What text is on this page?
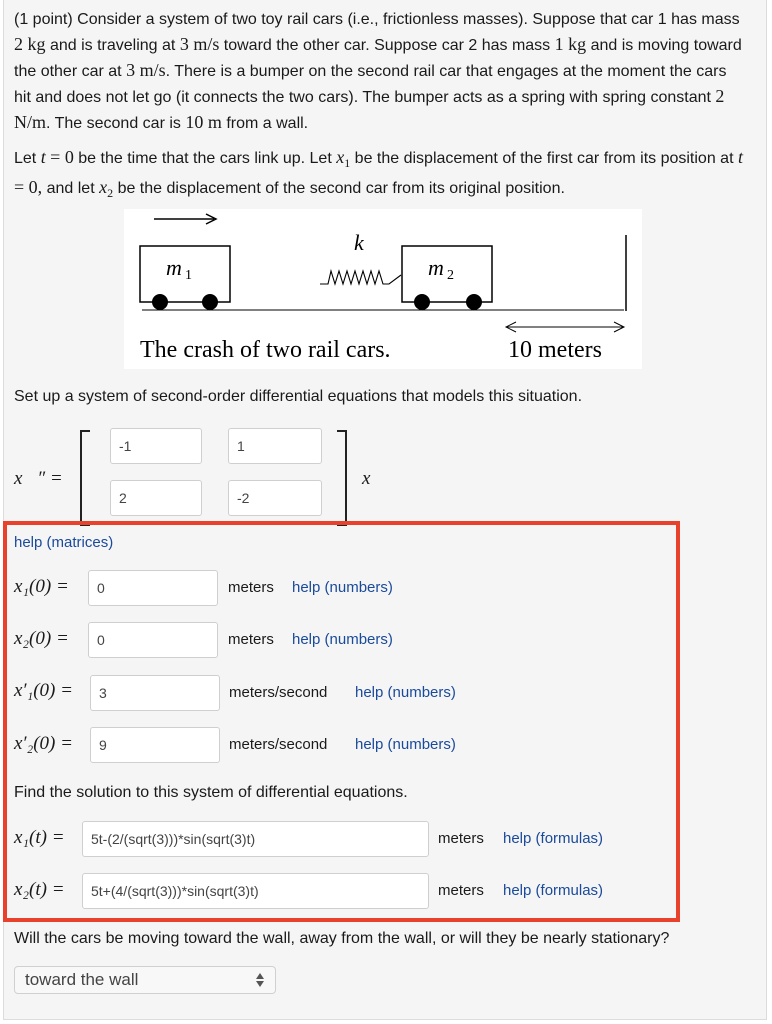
(1 point) Consider a system of two toy rail cars (i.e., frictionless masses). Suppose that car 1 has mass 2 kg and is traveling at 3 m/s toward the other car. Suppose car 2 has mass 1 kg and is moving toward the other car at 3 m/s. There is a bumper on the second rail car that engages at the moment the cars hit and does not let go (it connects the two cars). The bumper acts as a spring with spring constant 2 N/m. The second car is 10 m from a wall.
Let t = 0 be the time that the cars link up. Let $x_1$ be the displacement of the first car from its position at t = 0, and let $x_2$ be the displacement of the second car from its original position.
k
m 1	m 2
The crash of two rail cars.	10 meters
Set up a system of second-order differential equations that models this situation.
x⃗″ =
-1	1
2	-2
x⃗
help (matrices)
x₁(0) =	0	meters help (numbers)
x₂(0) =	0	meters help (numbers)
x′₁(0) =	3	meters/second help (numbers)
x′₂(0) =	9	meters/second help (numbers)
Find the solution to this system of differential equations.
x₁(t) =	5t-(2/(sqrt(3)))*sin(sqrt(3)t)	meters help (formulas)
x₂(t) =	5t+(4/(sqrt(3)))*sin(sqrt(3)t)	meters help (formulas)
Will the cars be moving toward the wall, away from the wall, or will they be nearly stationary?
toward the wall
